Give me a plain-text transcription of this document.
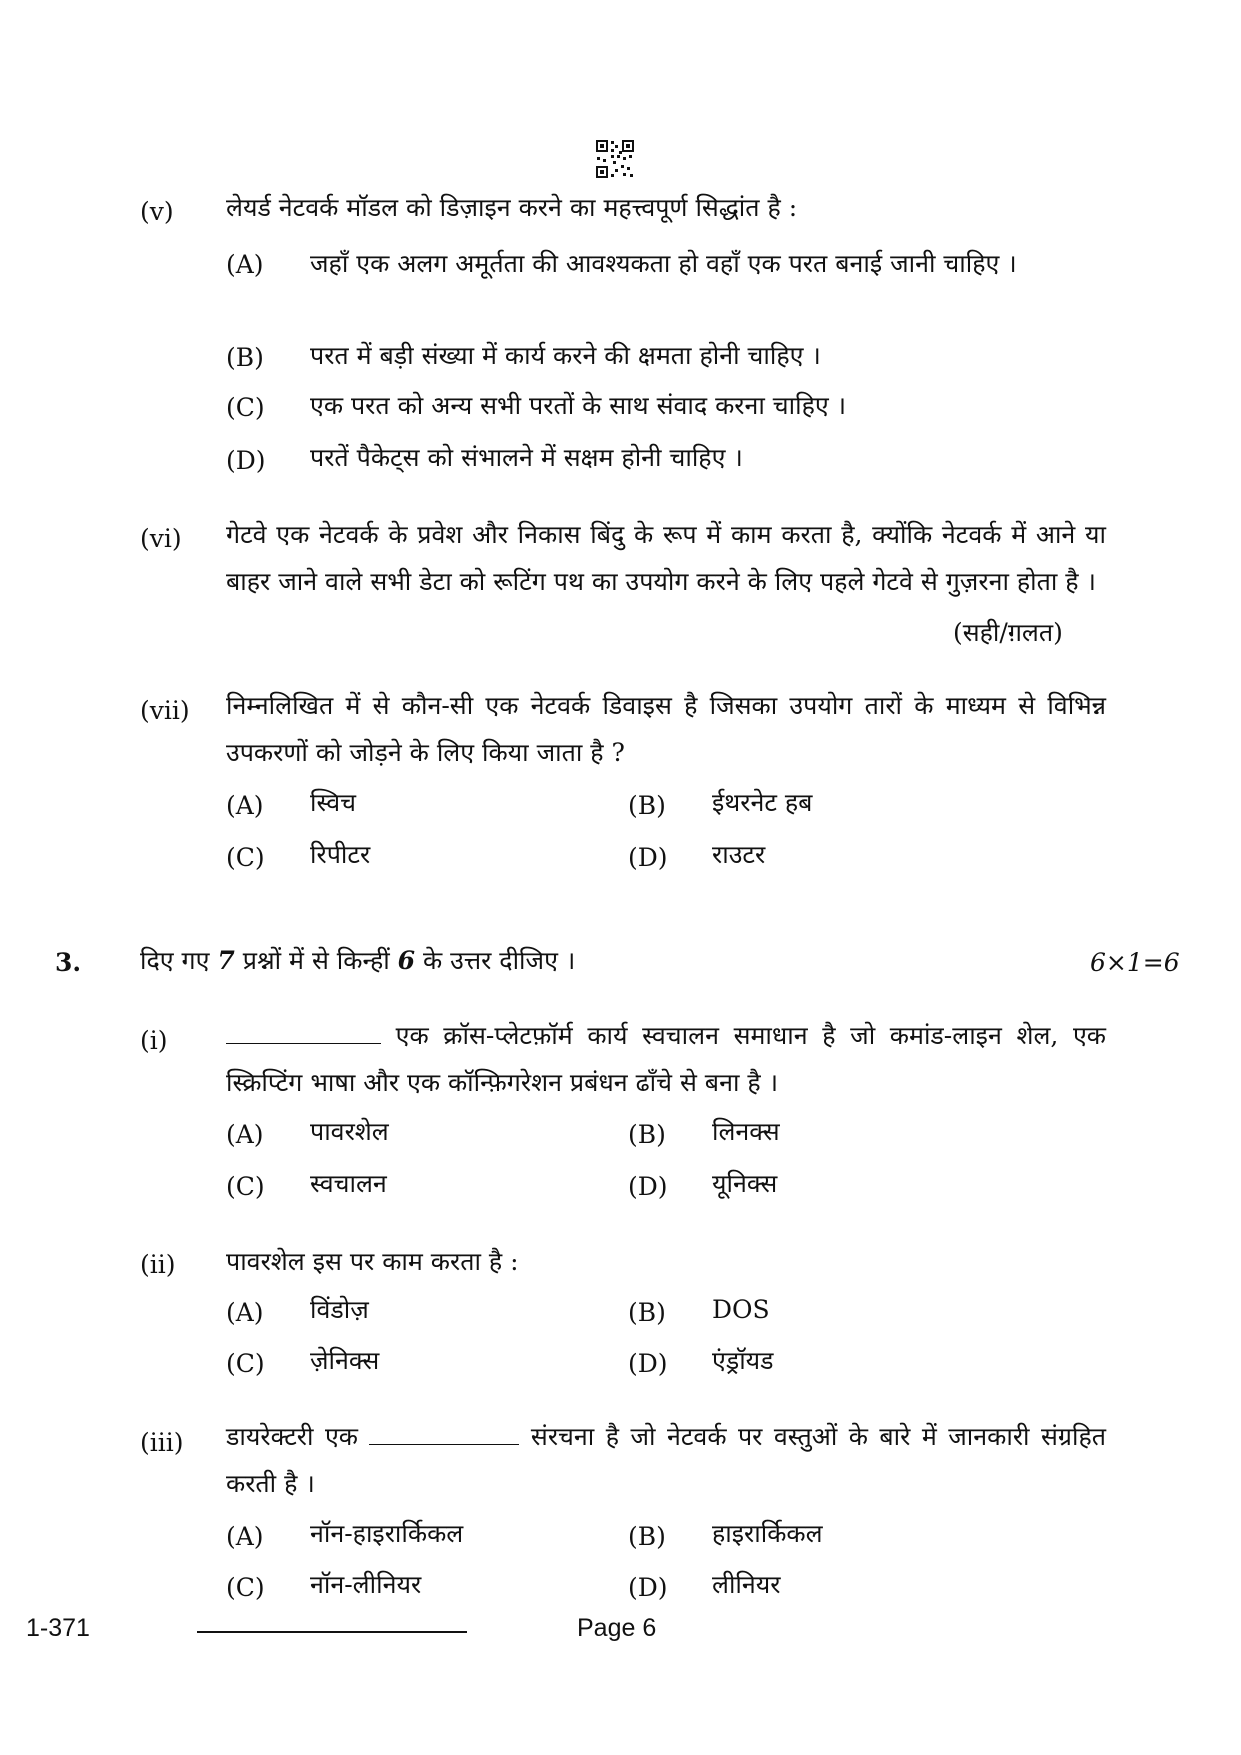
(v) लेयर्ड नेटवर्क मॉडल को डिज़ाइन करने का महत्त्वपूर्ण सिद्धांत है :
(A) जहाँ एक अलग अमूर्तता की आवश्यकता हो वहाँ एक परत बनाई जानी चाहिए ।
(B) परत में बड़ी संख्या में कार्य करने की क्षमता होनी चाहिए ।
(C) एक परत को अन्य सभी परतों के साथ संवाद करना चाहिए ।
(D) परतें पैकेट्स को संभालने में सक्षम होनी चाहिए ।
(vi) गेटवे एक नेटवर्क के प्रवेश और निकास बिंदु के रूप में काम करता है, क्योंकि नेटवर्क में आने या बाहर जाने वाले सभी डेटा को रूटिंग पथ का उपयोग करने के लिए पहले गेटवे से गुज़रना होता है ।
(सही/ग़लत)
(vii) निम्नलिखित में से कौन-सी एक नेटवर्क डिवाइस है जिसका उपयोग तारों के माध्यम से विभिन्न उपकरणों को जोड़ने के लिए किया जाता है ?
(A) स्विच	(B) ईथरनेट हब
(C) रिपीटर	(D) राउटर
3. दिए गए 7 प्रश्नों में से किन्हीं 6 के उत्तर दीजिए ।	6×1=6
(i)	एक क्रॉस-प्लेटफ़ॉर्म कार्य स्वचालन समाधान है जो कमांड-लाइन शेल, एक स्क्रिप्टिंग भाषा और एक कॉन्फ़िगरेशन प्रबंधन ढाँचे से बना है ।
(A) पावरशेल	(B) लिनक्स
(C) स्वचालन	(D) यूनिक्स
(ii) पावरशेल इस पर काम करता है :
(A) विंडोज़	(B) DOS
(C) ज़ेनिक्स	(D) एंड्रॉयड
(iii) डायरेक्टरी एक	संरचना है जो नेटवर्क पर वस्तुओं के बारे में जानकारी संग्रहित करती है ।
(A) नॉन-हाइरार्किकल	(B) हाइरार्किकल
(C) नॉन-लीनियर	(D) लीनियर
1-371	Page 6
